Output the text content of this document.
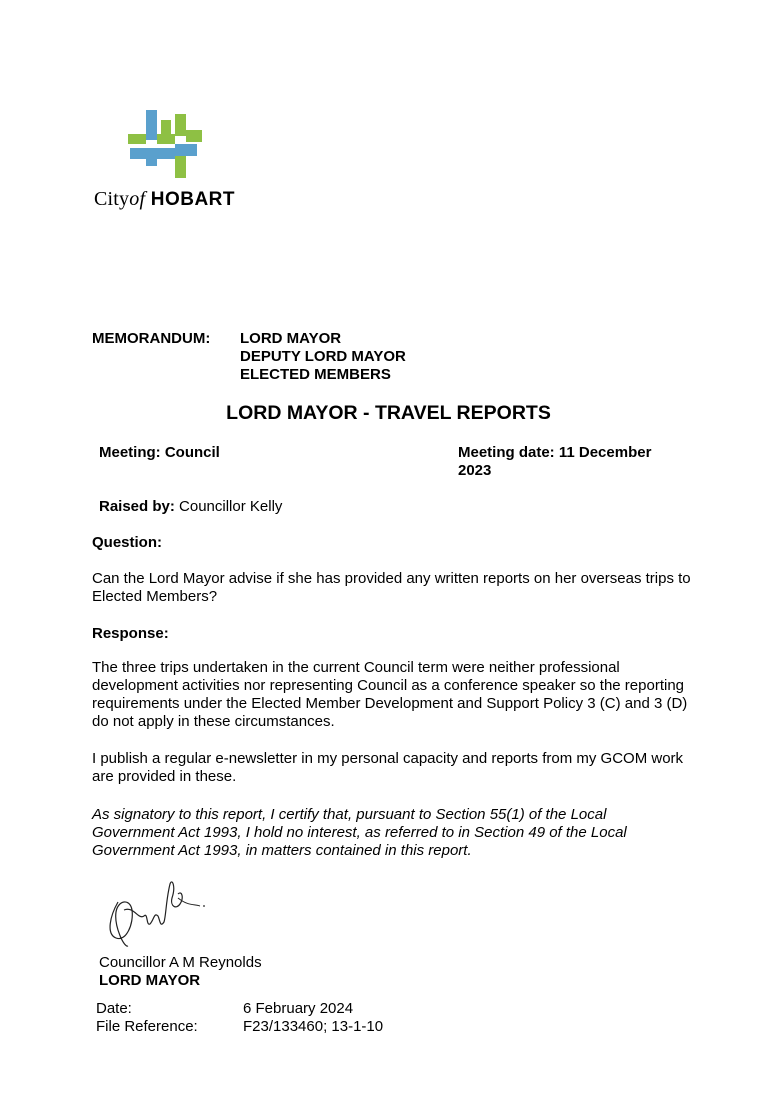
Cityof HOBART
MEMORANDUM: LORD MAYOR
DEPUTY LORD MAYOR
ELECTED MEMBERS
LORD MAYOR - TRAVEL REPORTS
Meeting: Council	Meeting date: 11 December 2023
Raised by: Councillor Kelly
Question:
Can the Lord Mayor advise if she has provided any written reports on her overseas trips to Elected Members?
Response:
The three trips undertaken in the current Council term were neither professional development activities nor representing Council as a conference speaker so the reporting requirements under the Elected Member Development and Support Policy 3 (C) and 3 (D) do not apply in these circumstances.
I publish a regular e-newsletter in my personal capacity and reports from my GCOM work are provided in these.
As signatory to this report, I certify that, pursuant to Section 55(1) of the Local Government Act 1993, I hold no interest, as referred to in Section 49 of the Local Government Act 1993, in matters contained in this report.
Councillor A M Reynolds
LORD MAYOR
Date:	6 February 2024
File Reference:	F23/133460; 13-1-10
